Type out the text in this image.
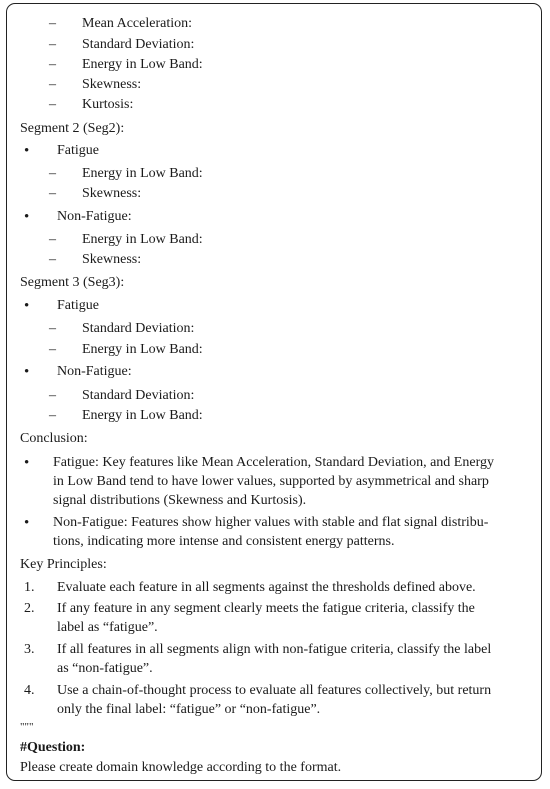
– Mean Acceleration:
– Standard Deviation:
– Energy in Low Band:
– Skewness:
– Kurtosis:
Segment 2 (Seg2):
• Fatigue
– Energy in Low Band:
– Skewness:
• Non-Fatigue:
– Energy in Low Band:
– Skewness:
Segment 3 (Seg3):
• Fatigue
– Standard Deviation:
– Energy in Low Band:
• Non-Fatigue:
– Standard Deviation:
– Energy in Low Band:
Conclusion:
• Fatigue: Key features like Mean Acceleration, Standard Deviation, and Energy
in Low Band tend to have lower values, supported by asymmetrical and sharp
signal distributions (Skewness and Kurtosis).
• Non-Fatigue: Features show higher values with stable and flat signal distribu-
tions, indicating more intense and consistent energy patterns.
Key Principles:
1. Evaluate each feature in all segments against the thresholds defined above.
2. If any feature in any segment clearly meets the fatigue criteria, classify the
label as “fatigue”.
3. If all features in all segments align with non-fatigue criteria, classify the label
as “non-fatigue”.
4. Use a chain-of-thought process to evaluate all features collectively, but return
only the final label: “fatigue” or “non-fatigue”.
"""
#Question:
Please create domain knowledge according to the format.
